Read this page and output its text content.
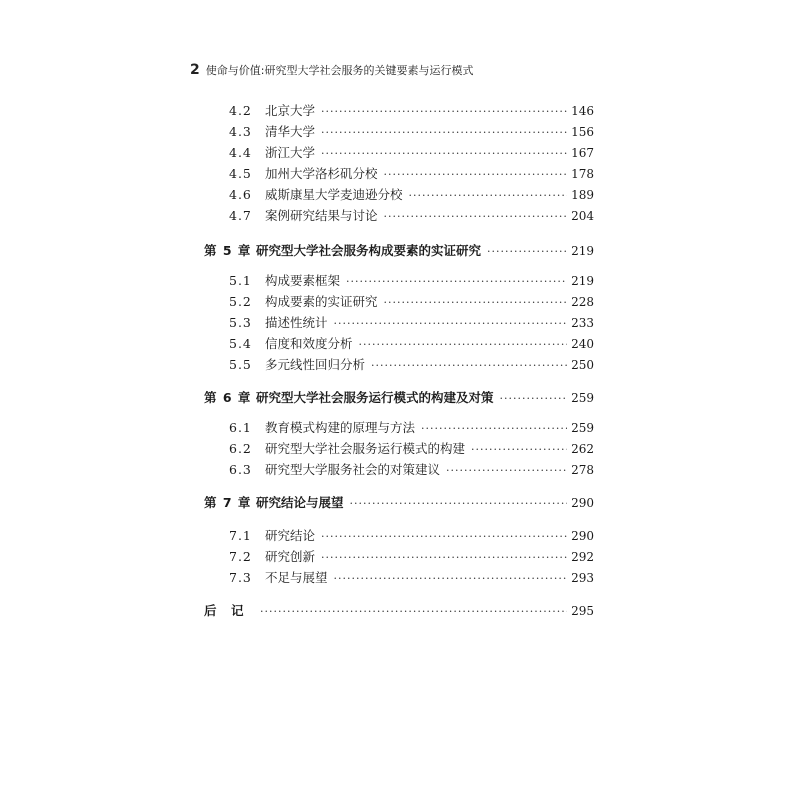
2 使命与价值:研究型大学社会服务的关键要素与运行模式
4.2	北京大学 ·····	146
4.3	清华大学 ·····	156
4.4	浙江大学 ·····	167
4.5	加州大学洛杉矶分校 ·····	178
4.6	威斯康星大学麦迪逊分校 ·····	189
4.7	案例研究结果与讨论 ·····	204
第 5 章 研究型大学社会服务构成要素的实证研究 ·····	219
5.1	构成要素框架 ·····	219
5.2	构成要素的实证研究 ·····	228
5.3	描述性统计 ·····	233
5.4	信度和效度分析 ·····	240
5.5	多元线性回归分析 ·····	250
第 6 章 研究型大学社会服务运行模式的构建及对策 ·····	259
6.1	教育模式构建的原理与方法 ·····	259
6.2	研究型大学社会服务运行模式的构建 ·····	262
6.3	研究型大学服务社会的对策建议 ·····	278
第 7 章 研究结论与展望 ·····	290
7.1	研究结论 ·····	290
7.2	研究创新 ·····	292
7.3	不足与展望 ·····	293
后　记 ·····	295
